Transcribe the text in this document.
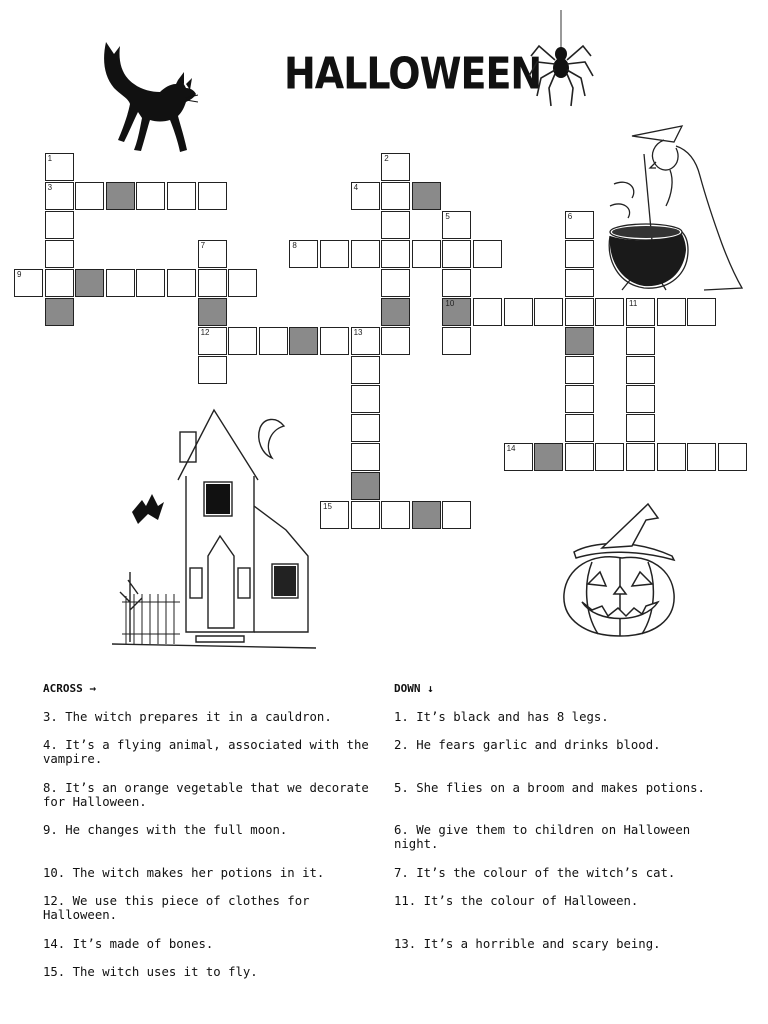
HALLOWEEN
1
3
2
4
8
5
10
6
7
12
9
11
13
14
15
ACROSS →
3. The witch prepares it in a cauldron.
4. It’s a flying animal, associated with the vampire.
8. It’s an orange vegetable that we decorate for Halloween.
9. He changes with the full moon.
10. The witch makes her potions in it.
12. We use this piece of clothes for Halloween.
14. It’s made of bones.
15. The witch uses it to fly.
DOWN ↓
1. It’s black and has 8 legs.
2. He fears garlic and drinks blood.
5. She flies on a broom and makes potions.
6. We give them to children on Halloween night.
7. It’s the colour of the witch’s cat.
11. It’s the colour of Halloween.
13. It’s a horrible and scary being.
